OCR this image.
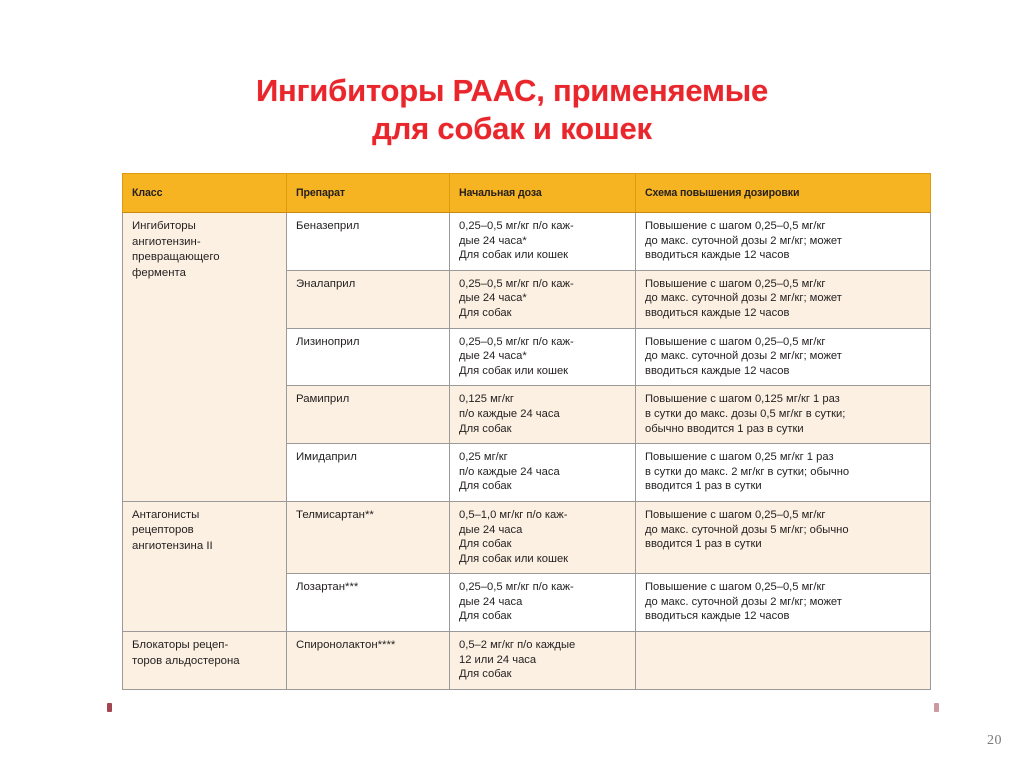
Ингибиторы РААС, применяемые
для собак и кошек
Класс	Препарат	Начальная доза	Схема повышения дозировки

Ингибиторы
ангиотензин-
превращающего
фермента	Беназеприл	0,25–0,5 мг/кг п/о каж-
дые 24 часа*
Для собак или кошек	Повышение с шагом 0,25–0,5 мг/кг
до макс. суточной дозы 2 мг/кг; может
вводиться каждые 12 часов

	Эналаприл	0,25–0,5 мг/кг п/о каж-
дые 24 часа*
Для собак	Повышение с шагом 0,25–0,5 мг/кг
до макс. суточной дозы 2 мг/кг; может
вводиться каждые 12 часов

	Лизиноприл	0,25–0,5 мг/кг п/о каж-
дые 24 часа*
Для собак или кошек	Повышение с шагом 0,25–0,5 мг/кг
до макс. суточной дозы 2 мг/кг; может
вводиться каждые 12 часов

	Рамиприл	0,125 мг/кг
п/о каждые 24 часа
Для собак	Повышение с шагом 0,125 мг/кг 1 раз
в сутки до макс. дозы 0,5 мг/кг в сутки;
обычно вводится 1 раз в сутки

	Имидаприл	0,25 мг/кг
п/о каждые 24 часа
Для собак	Повышение с шагом 0,25 мг/кг 1 раз
в сутки до макс. 2 мг/кг в сутки; обычно
вводится 1 раз в сутки

Антагонисты
рецепторов
ангиотензина II	Телмисартан**	0,5–1,0 мг/кг п/о каж-
дые 24 часа
Для собак
Для собак или кошек	Повышение с шагом 0,25–0,5 мг/кг
до макс. суточной дозы 5 мг/кг; обычно
вводится 1 раз в сутки

	Лозартан***	0,25–0,5 мг/кг п/о каж-
дые 24 часа
Для собак	Повышение с шагом 0,25–0,5 мг/кг
до макс. суточной дозы 2 мг/кг; может
вводиться каждые 12 часов

Блокаторы рецеп-
торов альдостерона	Спиронолактон****	0,5–2 мг/кг п/о каждые
12 или 24 часа
Для собак	

20
